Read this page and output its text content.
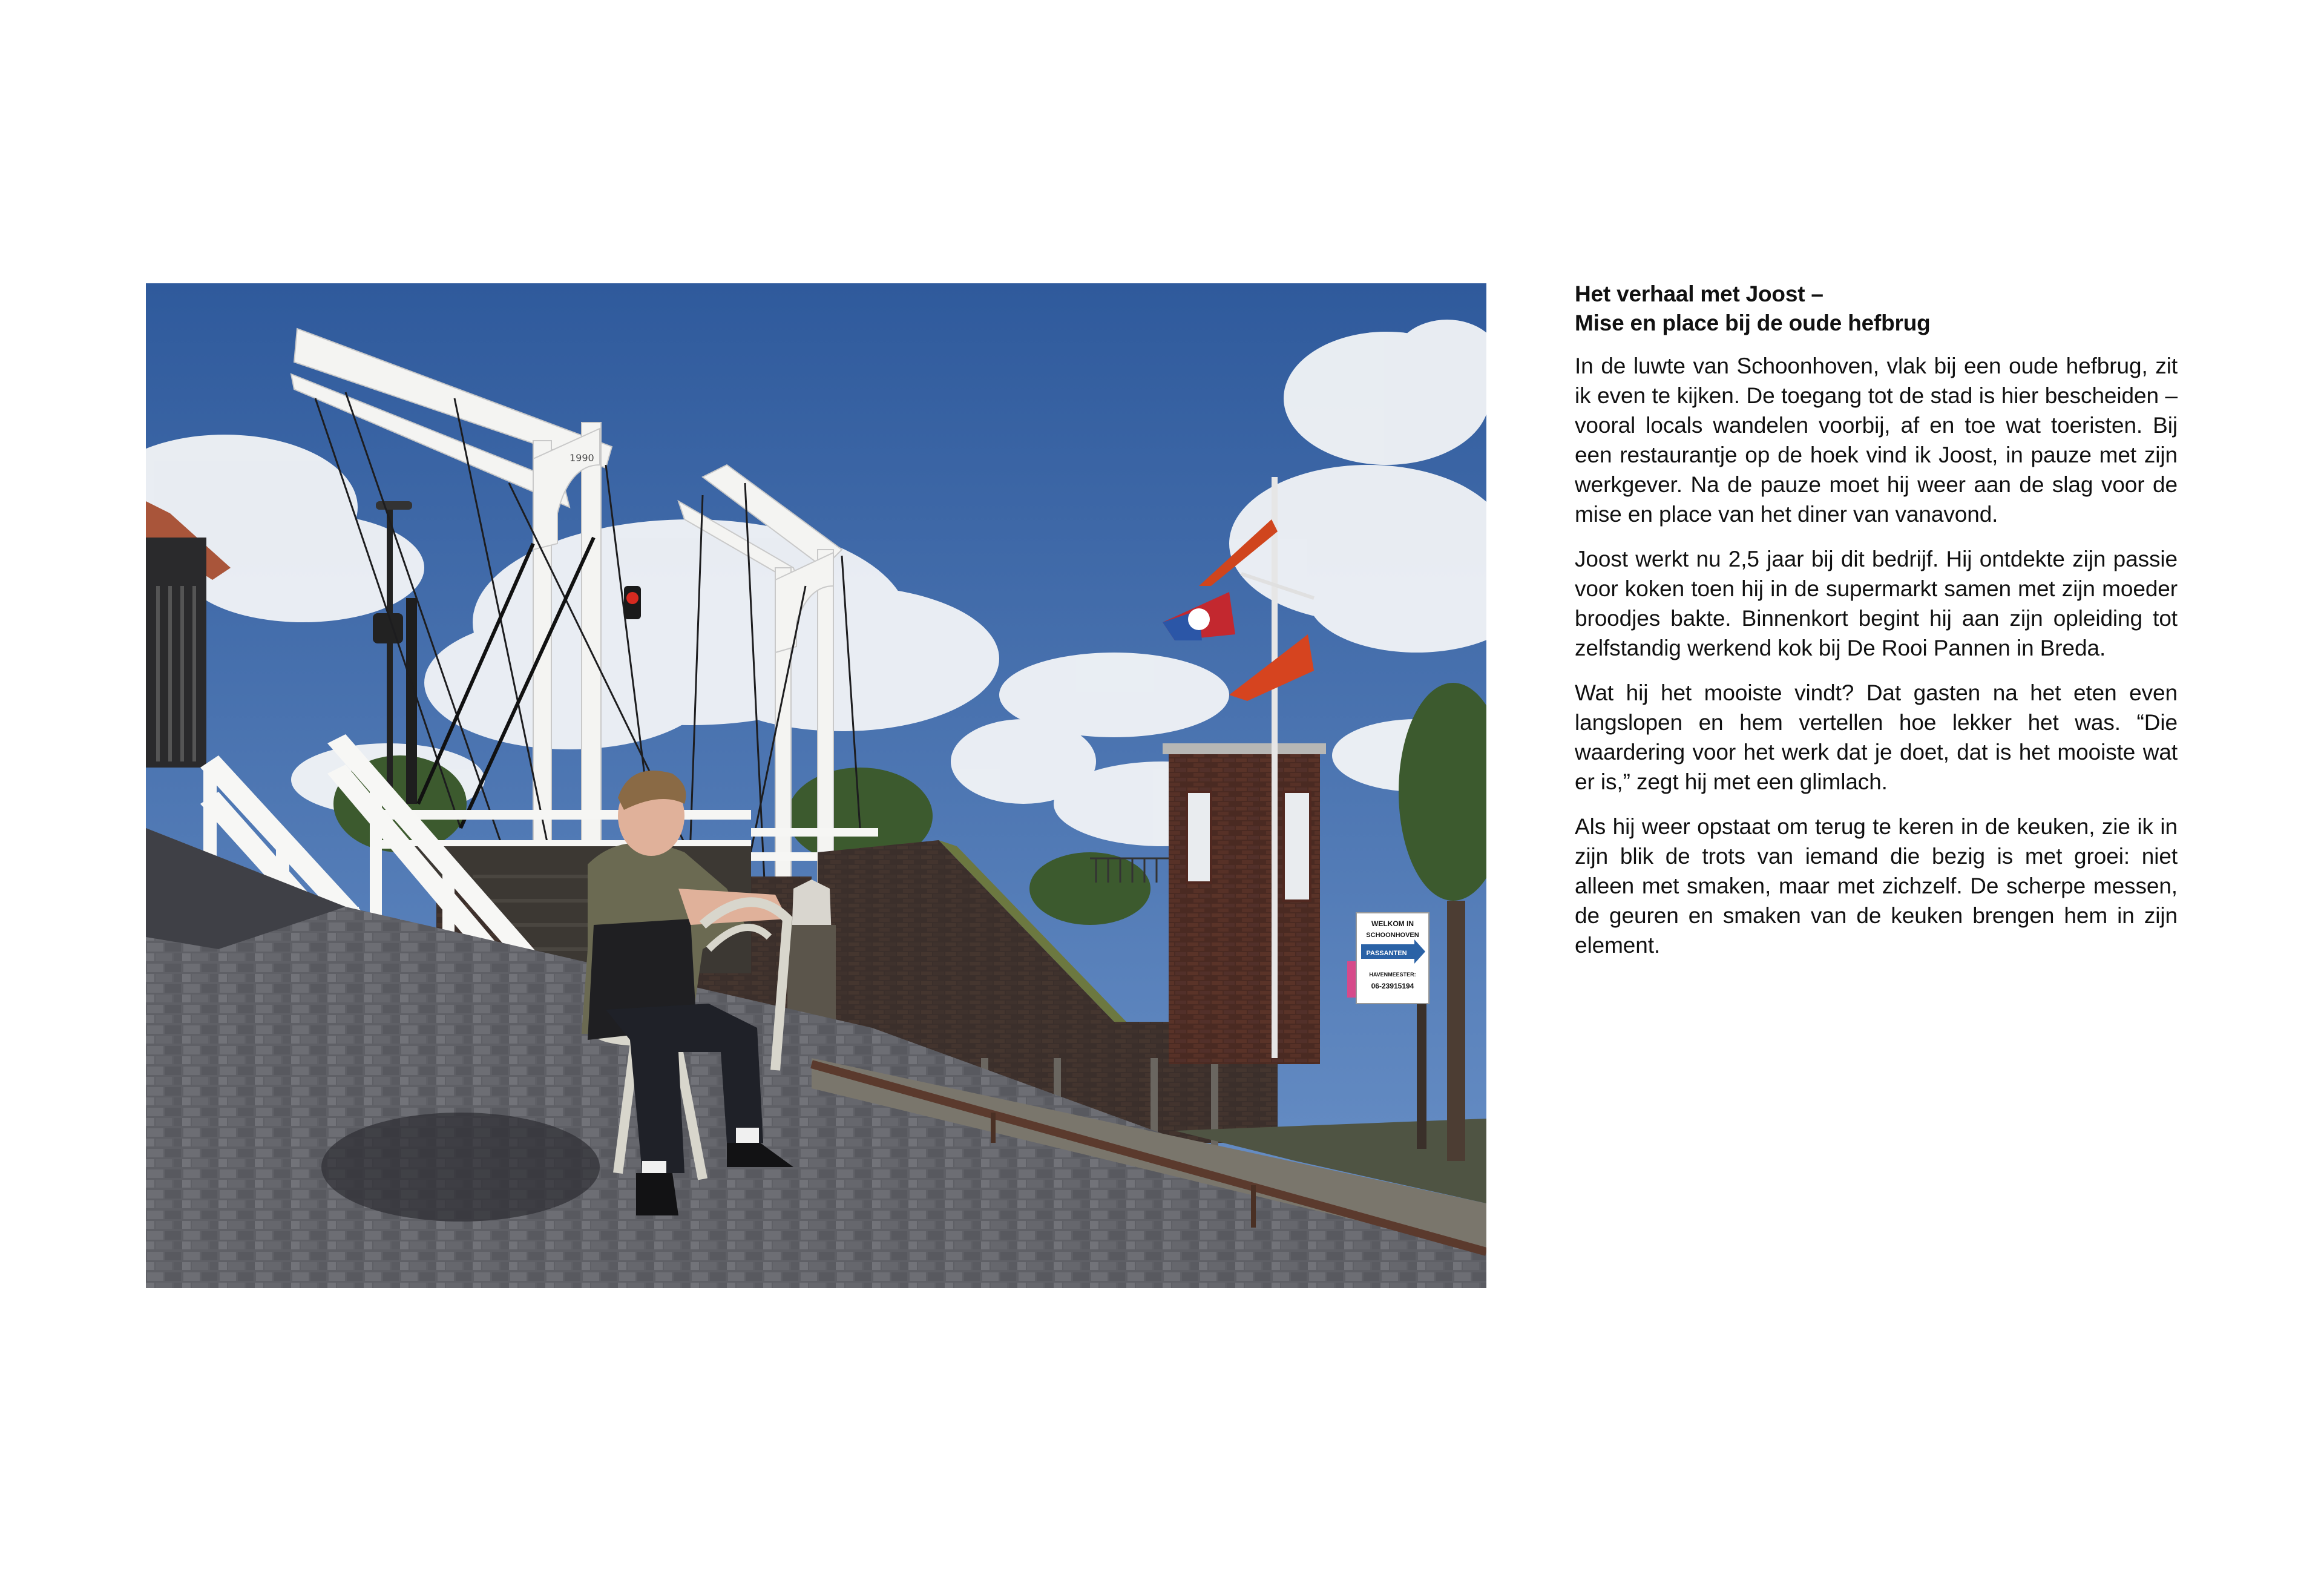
1990
WELKOM IN
SCHOONHOVEN
PASSANTEN
HAVENMEESTER:
06-23915194
Het verhaal met Joost –
Mise en place bij de oude hefbrug

In de luwte van Schoonhoven, vlak bij een oude hefbrug, zit ik even te kijken. De toegang tot de stad is hier bescheiden – vooral locals wandelen voorbij, af en toe wat toeristen. Bij een restaurantje op de hoek vind ik Joost, in pauze met zijn werkgever. Na de pauze moet hij weer aan de slag voor de mise en place van het diner van vanavond.

Joost werkt nu 2,5 jaar bij dit bedrijf. Hij ontdekte zijn passie voor koken toen hij in de supermarkt samen met zijn moeder broodjes bakte. Binnenkort begint hij aan zijn opleiding tot zelfstandig werkend kok bij De Rooi Pannen in Breda.

Wat hij het mooiste vindt? Dat gasten na het eten even langslopen en hem vertellen hoe lekker het was. “Die waardering voor het werk dat je doet, dat is het mooiste wat er is,” zegt hij met een glimlach.

Als hij weer opstaat om terug te keren in de keuken, zie ik in zijn blik de trots van iemand die bezig is met groei: niet alleen met smaken, maar met zichzelf. De scherpe messen, de geuren en smaken van de keuken brengen hem in zijn element.
